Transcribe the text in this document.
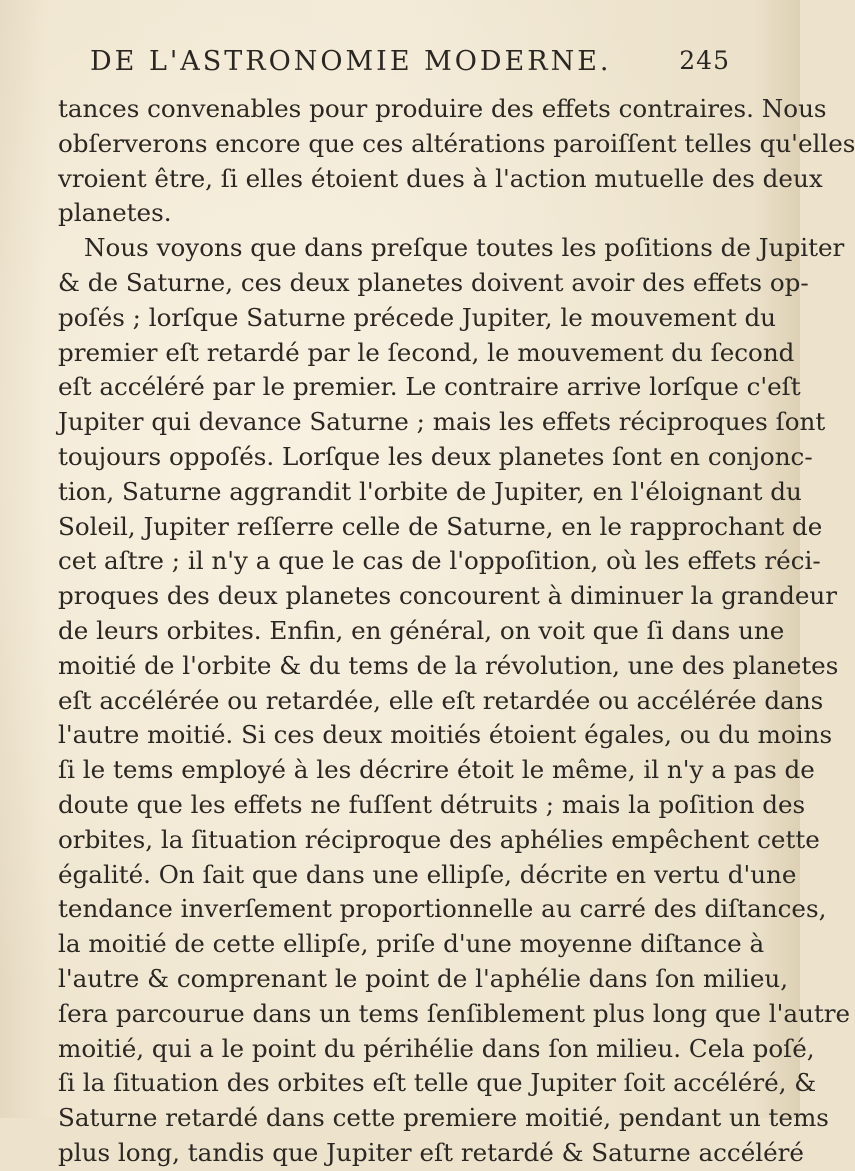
DE L'ASTRONOMIE MODERNE.	245
tances convenables pour produire des effets contraires. Nous
obſerverons encore que ces altérations paroiſſent telles qu'elles
vroient être, ſi elles étoient dues à l'action mutuelle des deux
planetes.
Nous voyons que dans preſque toutes les poſitions de Jupiter
& de Saturne, ces deux planetes doivent avoir des effets op-
poſés ; lorſque Saturne précede Jupiter, le mouvement du
premier eſt retardé par le ſecond, le mouvement du ſecond
eſt accéléré par le premier. Le contraire arrive lorſque c'eſt
Jupiter qui devance Saturne ; mais les effets réciproques ſont
toujours oppoſés. Lorſque les deux planetes ſont en conjonc-
tion, Saturne aggrandit l'orbite de Jupiter, en l'éloignant du
Soleil, Jupiter reſſerre celle de Saturne, en le rapprochant de
cet aſtre ; il n'y a que le cas de l'oppoſition, où les effets réci-
proques des deux planetes concourent à diminuer la grandeur
de leurs orbites. Enfin, en général, on voit que ſi dans une
moitié de l'orbite & du tems de la révolution, une des planetes
eſt accélérée ou retardée, elle eſt retardée ou accélérée dans
l'autre moitié. Si ces deux moitiés étoient égales, ou du moins
ſi le tems employé à les décrire étoit le même, il n'y a pas de
doute que les effets ne fuſſent détruits ; mais la poſition des
orbites, la ſituation réciproque des aphélies empêchent cette
égalité. On ſait que dans une ellipſe, décrite en vertu d'une
tendance inverſement proportionnelle au carré des diſtances,
la moitié de cette ellipſe, priſe d'une moyenne diſtance à
l'autre & comprenant le point de l'aphélie dans ſon milieu,
ſera parcourue dans un tems ſenſiblement plus long que l'autre
moitié, qui a le point du périhélie dans ſon milieu. Cela poſé,
ſi la ſituation des orbites eſt telle que Jupiter ſoit accéléré, &
Saturne retardé dans cette premiere moitié, pendant un tems
plus long, tandis que Jupiter eſt retardé & Saturne accéléré
